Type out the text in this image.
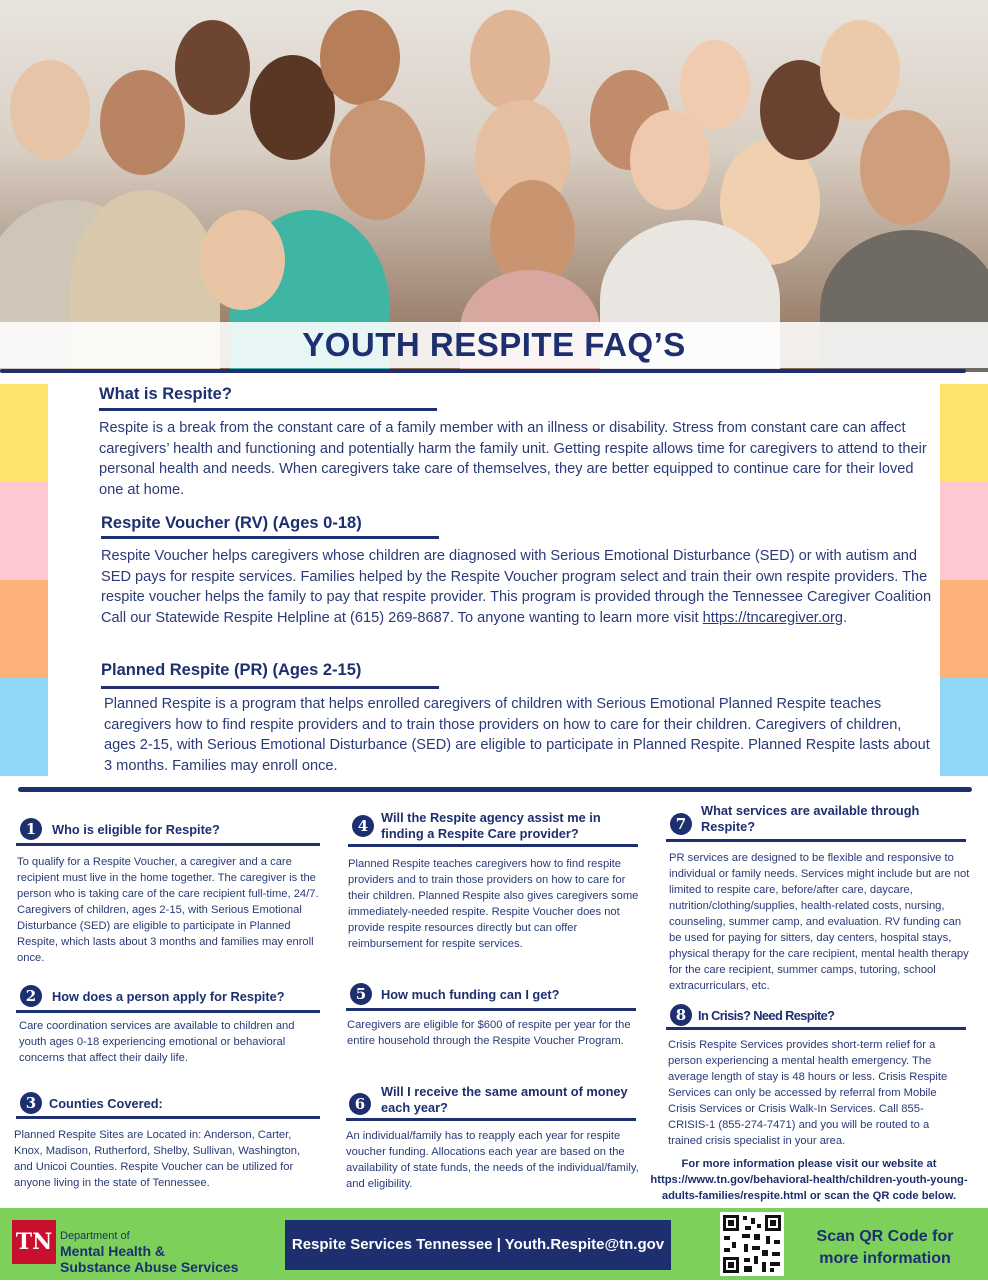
YOUTH RESPITE FAQ’S
What is Respite?
Respite is a break from the constant care of a family member with an illness or disability. Stress from constant care can affect caregivers’ health and functioning and potentially harm the family unit. Getting respite allows time for caregivers to attend to their personal health and needs. When caregivers take care of themselves, they are better equipped to continue care for their loved one at home.
Respite Voucher (RV) (Ages 0-18)
Respite Voucher helps caregivers whose children are diagnosed with Serious Emotional Disturbance (SED) or with autism and SED pays for respite services. Families helped by the Respite Voucher program select and train their own respite providers. The respite voucher helps the family to pay that respite provider. This program is provided through the Tennessee Caregiver Coalition Call our Statewide Respite Helpline at (615) 269-8687. To anyone wanting to learn more visit https://tncaregiver.org.
Planned Respite (PR) (Ages 2-15)
Planned Respite is a program that helps enrolled caregivers of children with Serious Emotional Planned Respite teaches caregivers how to find respite providers and to train those providers on how to care for their children. Caregivers of children, ages 2-15, with Serious Emotional Disturbance (SED) are eligible to participate in Planned Respite. Planned Respite lasts about 3 months. Families may enroll once.
1	Who is eligible for Respite?
To qualify for a Respite Voucher, a caregiver and a care recipient must live in the home together. The caregiver is the person who is taking care of the care recipient full-time, 24/7. Caregivers of children, ages 2-15, with Serious Emotional Disturbance (SED) are eligible to participate in Planned Respite, which lasts about 3 months and families may enroll once.
2	How does a person apply for Respite?
Care coordination services are available to children and youth ages 0-18 experiencing emotional or behavioral concerns that affect their daily life.
3 Counties Covered:
Planned Respite Sites are Located in: Anderson, Carter, Knox, Madison, Rutherford, Shelby, Sullivan, Washington, and Unicoi Counties. Respite Voucher can be utilized for anyone living in the state of Tennessee.
4 Will the Respite agency assist me in finding a Respite Care provider?
Planned Respite teaches caregivers how to find respite providers and to train those providers on how to care for their children. Planned Respite also gives caregivers some immediately-needed respite. Respite Voucher does not provide respite resources directly but can offer reimbursement for respite services.
5	How much funding can I get?
Caregivers are eligible for $600 of respite per year for the entire household through the Respite Voucher Program.
6
Will I receive the same amount of money each year?
An individual/family has to reapply each year for respite voucher funding. Allocations each year are based on the availability of state funds, the needs of the individual/family, and eligibility.
7
What services are available through Respite?
PR services are designed to be flexible and responsive to individual or family needs. Services might include but are not limited to respite care, before/after care, daycare, nutrition/clothing/supplies, health-related costs, nursing, counseling, summer camp, and evaluation. RV funding can be used for paying for sitters, day centers, hospital stays, physical therapy for the care recipient, mental health therapy for the care recipient, summer camps, tutoring, school extracurriculars, etc.
8 In Crisis? Need Respite?
Crisis Respite Services provides short-term relief for a person experiencing a mental health emergency. The average length of stay is 48 hours or less. Crisis Respite Services can only be accessed by referral from Mobile Crisis Services or Crisis Walk-In Services. Call 855-CRISIS-1 (855-274-7471) and you will be routed to a trained crisis specialist in your area.
For more information please visit our website at https://www.tn.gov/behavioral-health/children-youth-young-adults-families/respite.html or scan the QR code below.
TN Department of
Mental Health &
Substance Abuse Services
Respite Services Tennessee | Youth.Respite@tn.gov	Scan QR Code for
more information
